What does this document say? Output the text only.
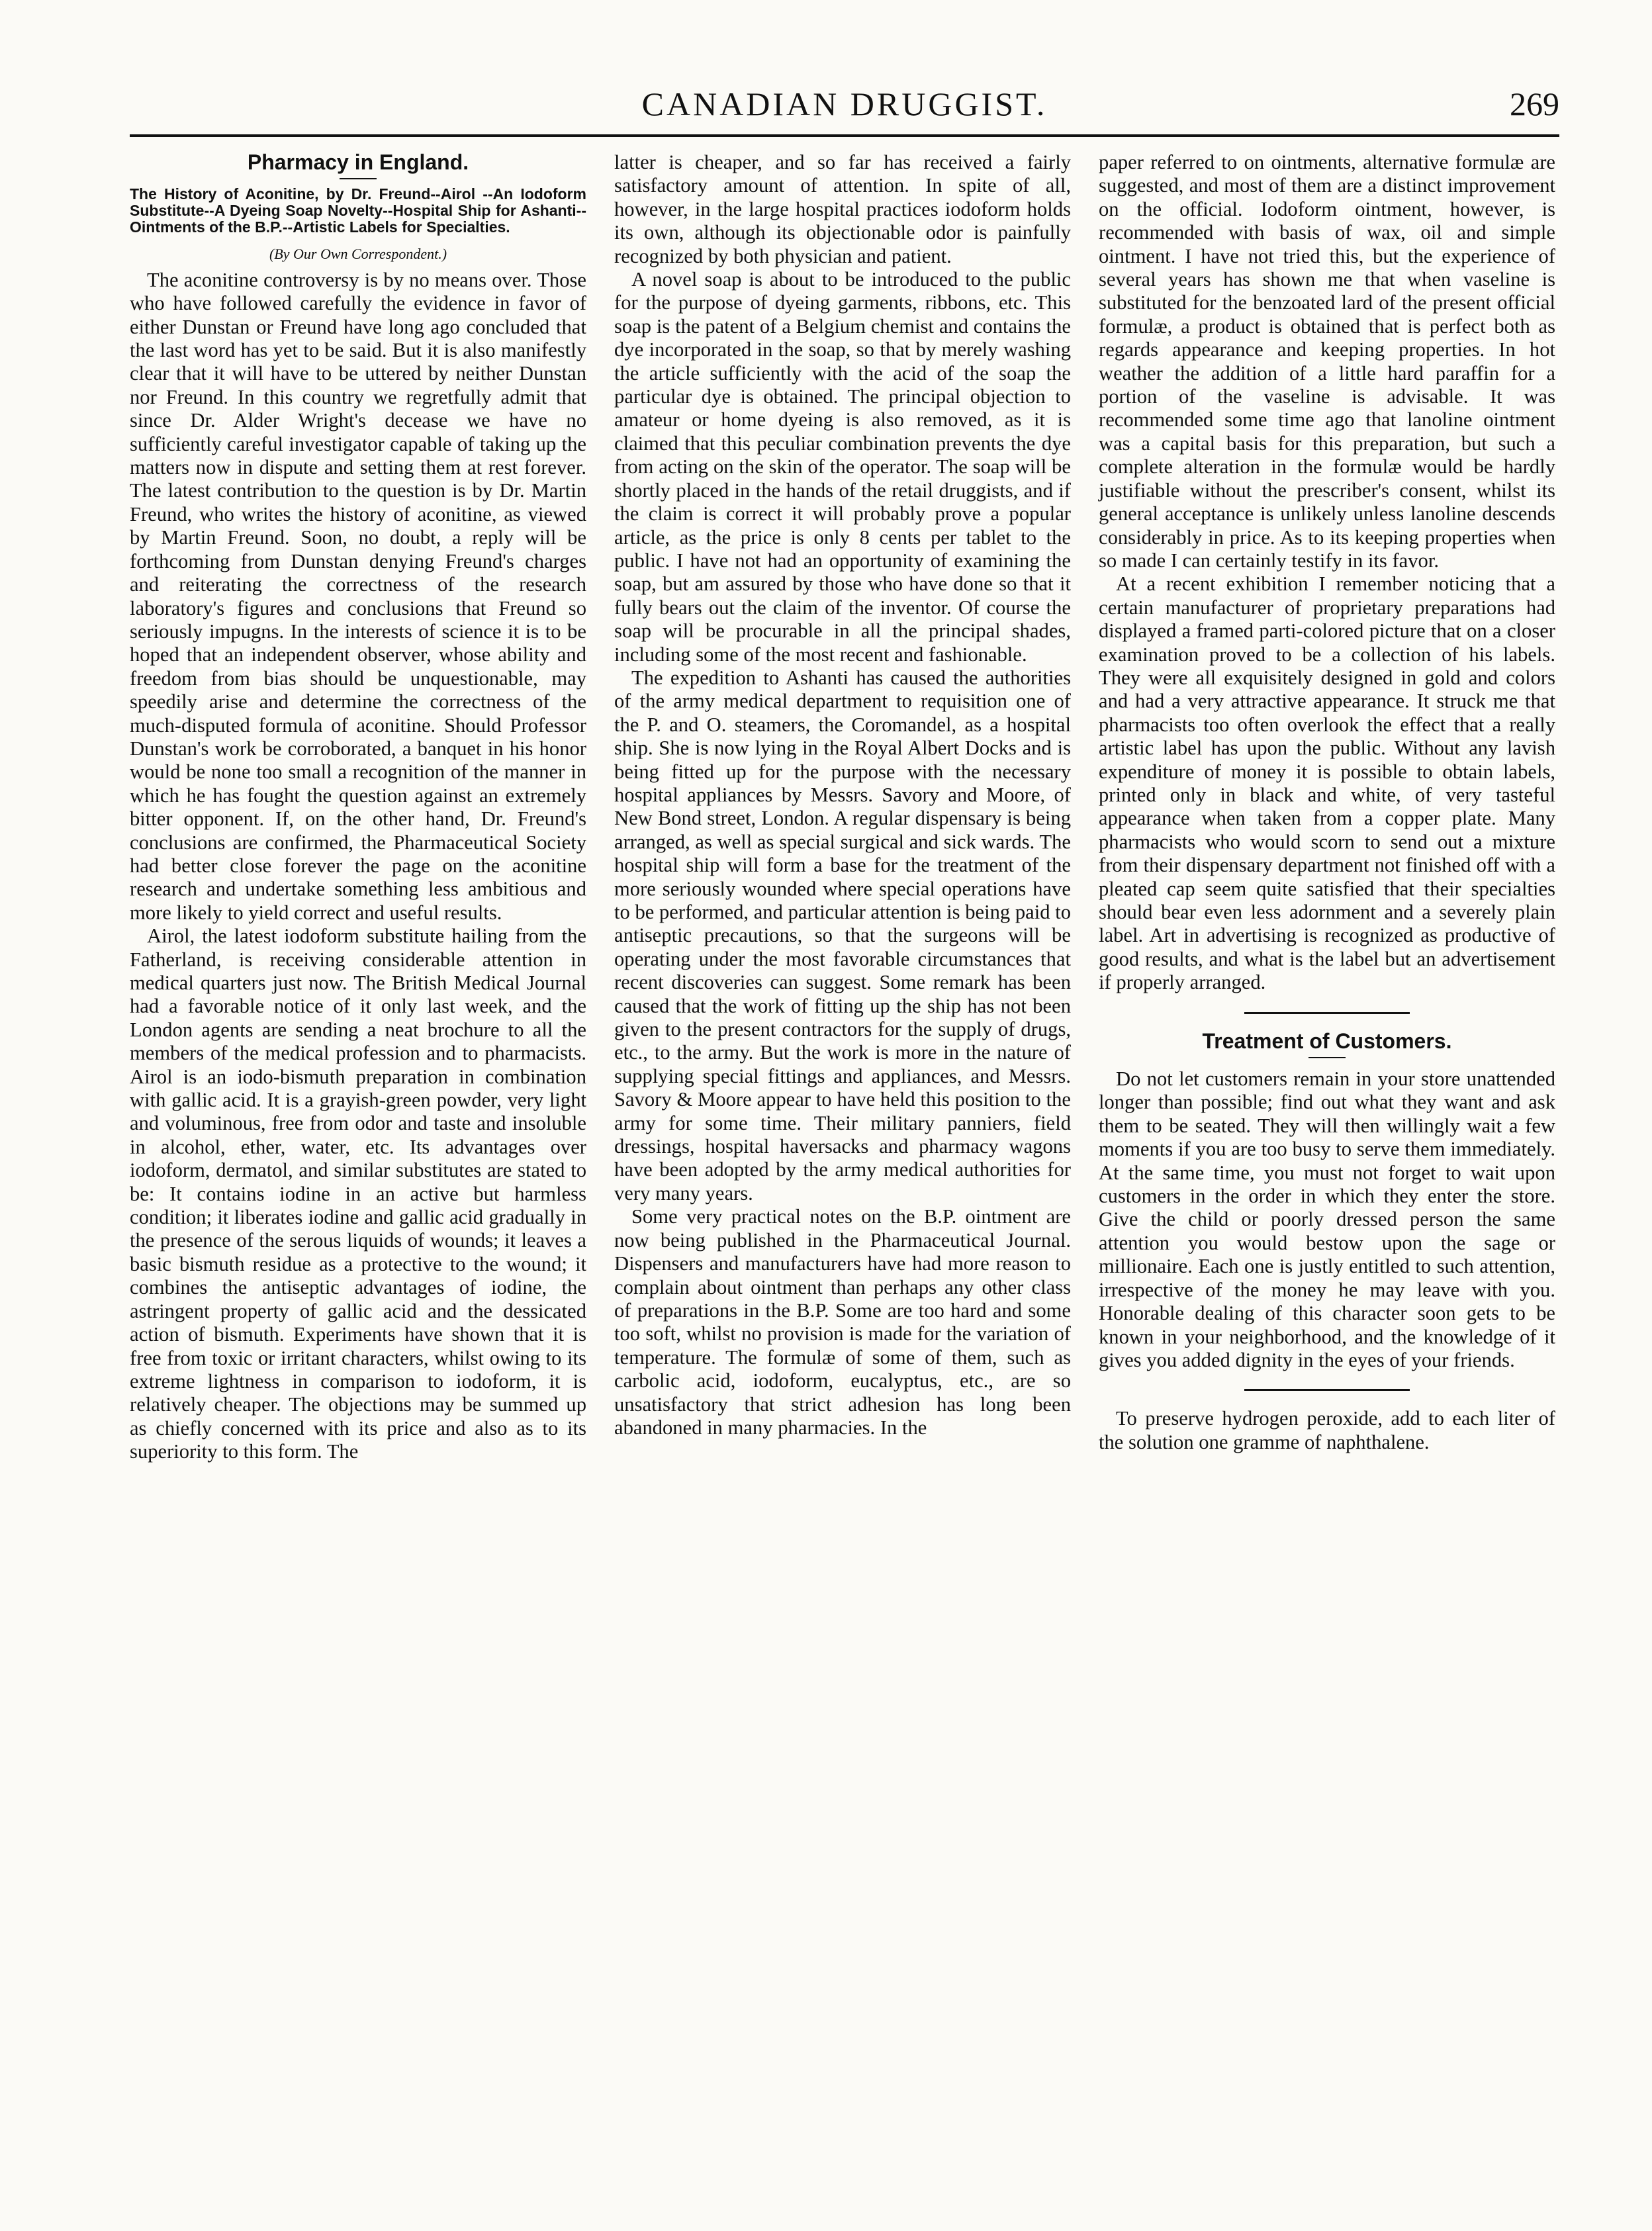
CANADIAN DRUGGIST.	269
Pharmacy in England.
The History of Aconitine, by Dr. Freund--Airol --An Iodoform Substitute--A Dyeing Soap Novelty--Hospital Ship for Ashanti--Ointments of the B.P.--Artistic Labels for Specialties.
(By Our Own Correspondent.)

The aconitine controversy is by no means over. Those who have followed carefully the evidence in favor of either Dunstan or Freund have long ago concluded that the last word has yet to be said. But it is also manifestly clear that it will have to be uttered by neither Dunstan nor Freund. In this country we regretfully admit that since Dr. Alder Wright's decease we have no sufficiently careful investigator capable of taking up the matters now in dispute and setting them at rest forever. The latest contribution to the question is by Dr. Martin Freund, who writes the history of aconitine, as viewed by Martin Freund. Soon, no doubt, a reply will be forthcoming from Dunstan denying Freund's charges and reiterating the correctness of the research laboratory's figures and conclusions that Freund so seriously impugns. In the interests of science it is to be hoped that an independent observer, whose ability and freedom from bias should be unquestionable, may speedily arise and determine the correctness of the much-disputed formula of aconitine. Should Professor Dunstan's work be corroborated, a banquet in his honor would be none too small a recognition of the manner in which he has fought the question against an extremely bitter opponent. If, on the other hand, Dr. Freund's conclusions are confirmed, the Pharmaceutical Society had better close forever the page on the aconitine research and undertake something less ambitious and more likely to yield correct and useful results.

Airol, the latest iodoform substitute hailing from the Fatherland, is receiving considerable attention in medical quarters just now. The British Medical Journal had a favorable notice of it only last week, and the London agents are sending a neat brochure to all the members of the medical profession and to pharmacists. Airol is an iodo-bismuth preparation in combination with gallic acid. It is a grayish-green powder, very light and voluminous, free from odor and taste and insoluble in alcohol, ether, water, etc. Its advantages over iodoform, dermatol, and similar substitutes are stated to be: It contains iodine in an active but harmless condition; it liberates iodine and gallic acid gradually in the presence of the serous liquids of wounds; it leaves a basic bismuth residue as a protective to the wound; it combines the antiseptic advantages of iodine, the astringent property of gallic acid and the dessicated action of bismuth. Experiments have shown that it is free from toxic or irritant characters, whilst owing to its extreme lightness in comparison to iodoform, it is relatively cheaper. The objections may be summed up as chiefly concerned with its price and also as to its superiority to this form. The

latter is cheaper, and so far has received a fairly satisfactory amount of attention. In spite of all, however, in the large hospital practices iodoform holds its own, although its objectionable odor is painfully recognized by both physician and patient.

A novel soap is about to be introduced to the public for the purpose of dyeing garments, ribbons, etc. This soap is the patent of a Belgium chemist and contains the dye incorporated in the soap, so that by merely washing the article sufficiently with the acid of the soap the particular dye is obtained. The principal objection to amateur or home dyeing is also removed, as it is claimed that this peculiar combination prevents the dye from acting on the skin of the operator. The soap will be shortly placed in the hands of the retail druggists, and if the claim is correct it will probably prove a popular article, as the price is only 8 cents per tablet to the public. I have not had an opportunity of examining the soap, but am assured by those who have done so that it fully bears out the claim of the inventor. Of course the soap will be procurable in all the principal shades, including some of the most recent and fashionable.

The expedition to Ashanti has caused the authorities of the army medical department to requisition one of the P. and O. steamers, the Coromandel, as a hospital ship. She is now lying in the Royal Albert Docks and is being fitted up for the purpose with the necessary hospital appliances by Messrs. Savory and Moore, of New Bond street, London. A regular dispensary is being arranged, as well as special surgical and sick wards. The hospital ship will form a base for the treatment of the more seriously wounded where special operations have to be performed, and particular attention is being paid to antiseptic precautions, so that the surgeons will be operating under the most favorable circumstances that recent discoveries can suggest. Some remark has been caused that the work of fitting up the ship has not been given to the present contractors for the supply of drugs, etc., to the army. But the work is more in the nature of supplying special fittings and appliances, and Messrs. Savory & Moore appear to have held this position to the army for some time. Their military panniers, field dressings, hospital haversacks and pharmacy wagons have been adopted by the army medical authorities for very many years.

Some very practical notes on the B.P. ointment are now being published in the Pharmaceutical Journal. Dispensers and manufacturers have had more reason to complain about ointment than perhaps any other class of preparations in the B.P. Some are too hard and some too soft, whilst no provision is made for the variation of temperature. The formulæ of some of them, such as carbolic acid, iodoform, eucalyptus, etc., are so unsatisfactory that strict adhesion has long been abandoned in many pharmacies. In the

paper referred to on ointments, alternative formulæ are suggested, and most of them are a distinct improvement on the official. Iodoform ointment, however, is recommended with basis of wax, oil and simple ointment. I have not tried this, but the experience of several years has shown me that when vaseline is substituted for the benzoated lard of the present official formulæ, a product is obtained that is perfect both as regards appearance and keeping properties. In hot weather the addition of a little hard paraffin for a portion of the vaseline is advisable. It was recommended some time ago that lanoline ointment was a capital basis for this preparation, but such a complete alteration in the formulæ would be hardly justifiable without the prescriber's consent, whilst its general acceptance is unlikely unless lanoline descends considerably in price. As to its keeping properties when so made I can certainly testify in its favor.

At a recent exhibition I remember noticing that a certain manufacturer of proprietary preparations had displayed a framed parti-colored picture that on a closer examination proved to be a collection of his labels. They were all exquisitely designed in gold and colors and had a very attractive appearance. It struck me that pharmacists too often overlook the effect that a really artistic label has upon the public. Without any lavish expenditure of money it is possible to obtain labels, printed only in black and white, of very tasteful appearance when taken from a copper plate. Many pharmacists who would scorn to send out a mixture from their dispensary department not finished off with a pleated cap seem quite satisfied that their specialties should bear even less adornment and a severely plain label. Art in advertising is recognized as productive of good results, and what is the label but an advertisement if properly arranged.

Treatment of Customers.

Do not let customers remain in your store unattended longer than possible; find out what they want and ask them to be seated. They will then willingly wait a few moments if you are too busy to serve them immediately. At the same time, you must not forget to wait upon customers in the order in which they enter the store. Give the child or poorly dressed person the same attention you would bestow upon the sage or millionaire. Each one is justly entitled to such attention, irrespective of the money he may leave with you. Honorable dealing of this character soon gets to be known in your neighborhood, and the knowledge of it gives you added dignity in the eyes of your friends.

To preserve hydrogen peroxide, add to each liter of the solution one gramme of naphthalene.
